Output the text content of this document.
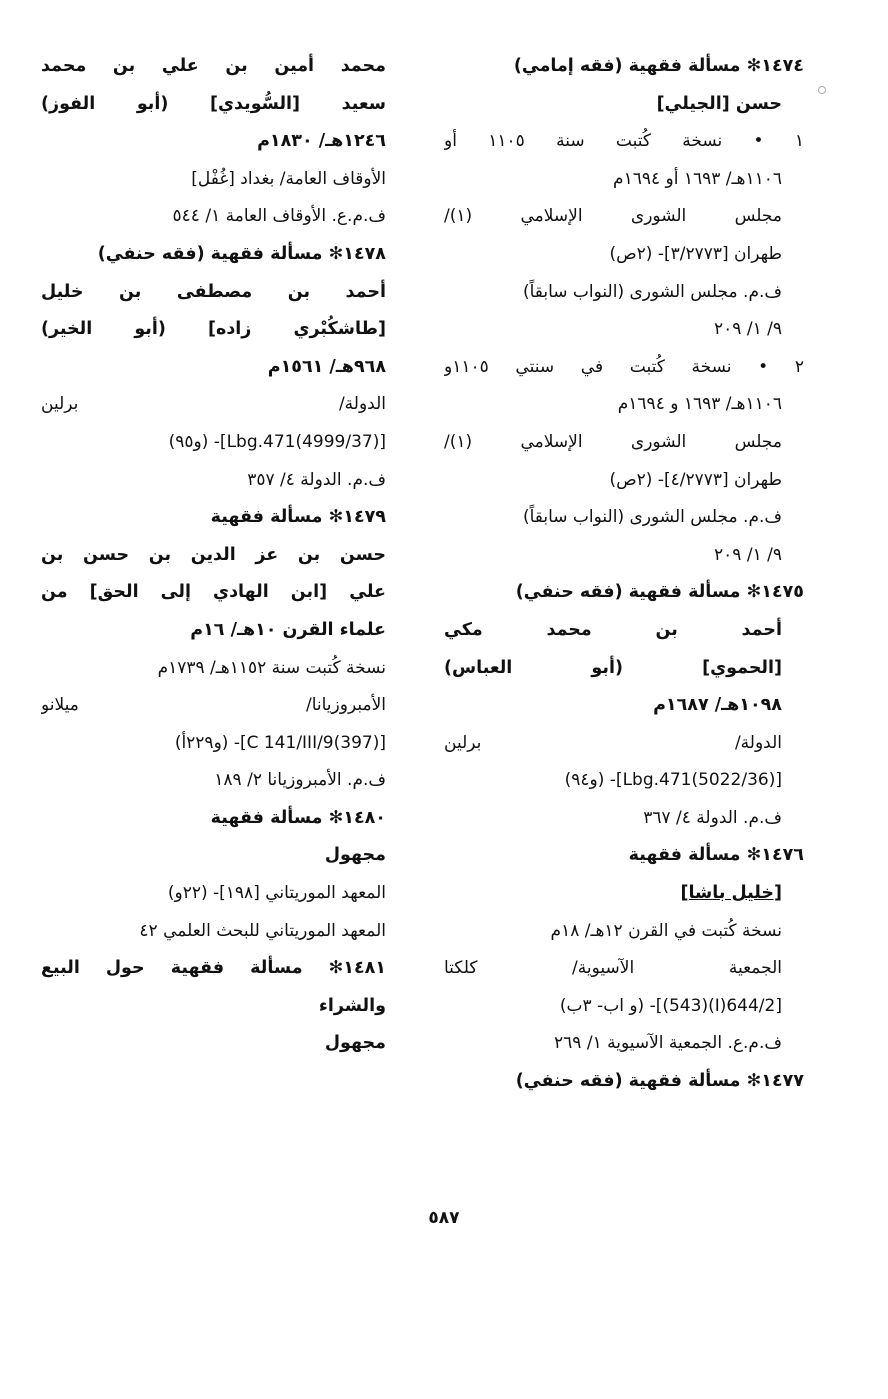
١٤٧٤✻ مسألة فقهية (فقه إمامي)
حسن [الجيلي]
١ • نسخة كُتبت سنة ١١٠٥ أو
١١٠٦هـ/ ١٦٩٣ أو ١٦٩٤م
مجلس الشورى الإسلامي (١)/
طهران [٣/٢٧٧٣]- (٢ص)
ف.م. مجلس الشورى (النواب سابقاً)
٩/ ١/ ٢٠٩
٢ • نسخة كُتبت في سنتي ١١٠٥و
١١٠٦هـ/ ١٦٩٣ و ١٦٩٤م
مجلس الشورى الإسلامي (١)/
طهران [٤/٢٧٧٣]- (٢ص)
ف.م. مجلس الشورى (النواب سابقاً)
٩/ ١/ ٢٠٩
١٤٧٥✻ مسألة فقهية (فقه حنفي)
أحمد بن محمد مكي
[الحموي] (أبو العباس)
١٠٩٨هـ/ ١٦٨٧م
الدولة/ برلين
[(5022/36)Lbg.471]- (و٩٤)
ف.م. الدولة ٤/ ٣٦٧
١٤٧٦✻ مسألة فقهية
[خليل باشا]
نسخة كُتبت في القرن ١٢هـ/ ١٨م
الجمعية الآسيوية/ كلكتا
[644/2(I)(543)]- (و اب- ٣ب)
ف.م.ع. الجمعية الآسيوية ١/ ٢٦٩
١٤٧٧✻ مسألة فقهية (فقه حنفي)
محمد أمين بن علي بن محمد
سعيد [السُّويدي] (أبو الفوز)
١٢٤٦هـ/ ١٨٣٠م
الأوقاف العامة/ بغداد [غُفْل]
ف.م.ع. الأوقاف العامة ١/ ٥٤٤
١٤٧٨✻ مسألة فقهية (فقه حنفي)
أحمد بن مصطفى بن خليل
[طاشكُبْري زاده] (أبو الخير)
٩٦٨هـ/ ١٥٦١م
الدولة/ برلين
[(4999/37)Lbg.471]- (و٩٥)
ف.م. الدولة ٤/ ٣٥٧
١٤٧٩✻ مسألة فقهية
حسن بن عز الدين بن حسن بن
علي [ابن الهادي إلى الحق] من
علماء القرن ١٠هـ/ ١٦م
نسخة كُتبت سنة ١١٥٢هـ/ ١٧٣٩م
الأمبروزيانا/ ميلانو
[(397)C 141/III/9]- (و٢٢٩أ)
ف.م. الأمبروزيانا ٢/ ١٨٩
١٤٨٠✻ مسألة فقهية
مجهول
المعهد الموريتاني [١٩٨]- (٢٢و)
المعهد الموريتاني للبحث العلمي ٤٢
١٤٨١✻ مسألة فقهية حول البيع
والشراء
مجهول
٥٨٧
